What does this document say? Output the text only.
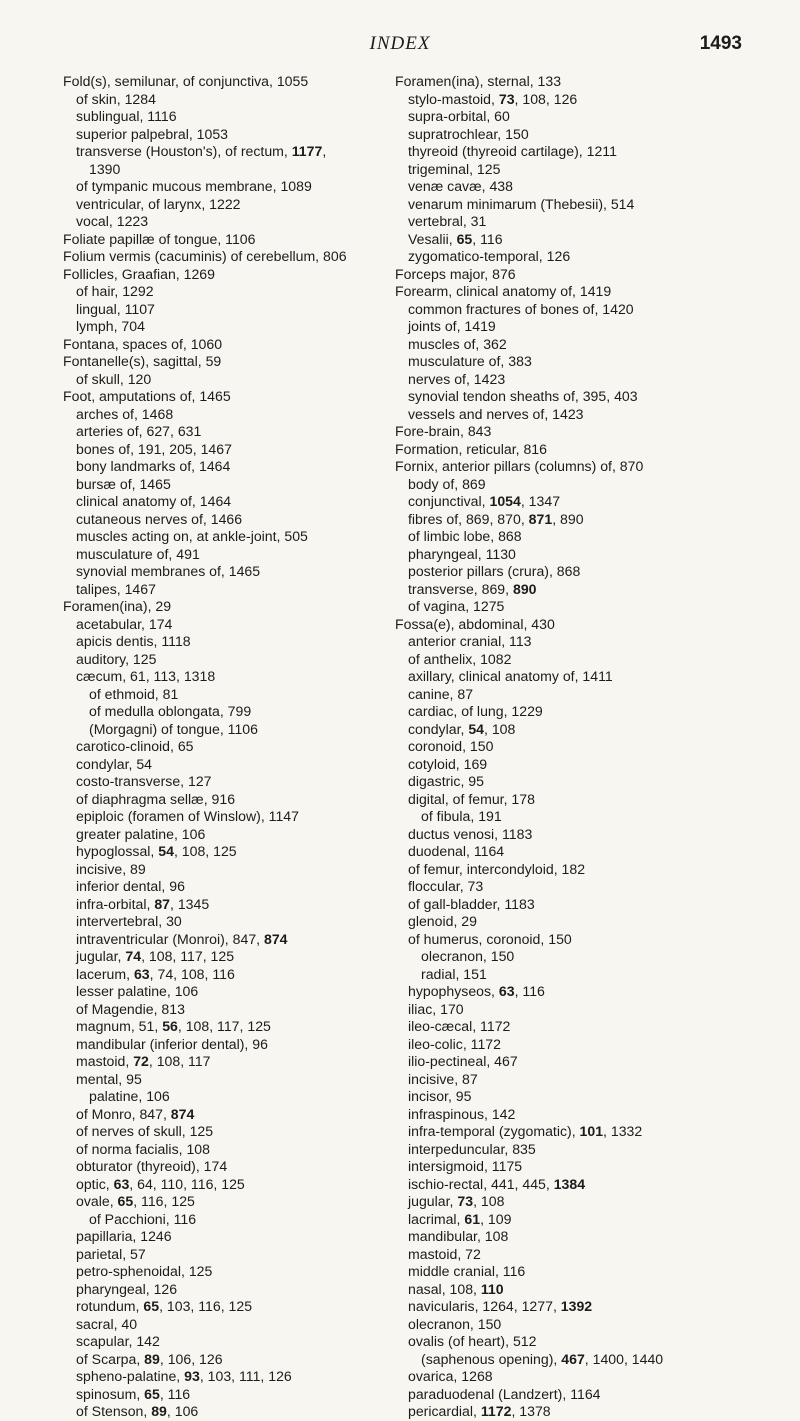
INDEX	1493
Fold(s), semilunar, of conjunctiva, 1055
of skin, 1284
sublingual, 1116
superior palpebral, 1053
transverse (Houston's), of rectum, 1177,
1390
of tympanic mucous membrane, 1089
ventricular, of larynx, 1222
vocal, 1223
Foliate papillæ of tongue, 1106
Folium vermis (cacuminis) of cerebellum, 806
Follicles, Graafian, 1269
of hair, 1292
lingual, 1107
lymph, 704
Fontana, spaces of, 1060
Fontanelle(s), sagittal, 59
of skull, 120
Foot, amputations of, 1465
arches of, 1468
arteries of, 627, 631
bones of, 191, 205, 1467
bony landmarks of, 1464
bursæ of, 1465
clinical anatomy of, 1464
cutaneous nerves of, 1466
muscles acting on, at ankle-joint, 505
musculature of, 491
synovial membranes of, 1465
talipes, 1467
Foramen(ina), 29
acetabular, 174
apicis dentis, 1118
auditory, 125
cæcum, 61, 113, 1318
of ethmoid, 81
of medulla oblongata, 799
(Morgagni) of tongue, 1106
carotico-clinoid, 65
condylar, 54
costo-transverse, 127
of diaphragma sellæ, 916
epiploic (foramen of Winslow), 1147
greater palatine, 106
hypoglossal, 54, 108, 125
incisive, 89
inferior dental, 96
infra-orbital, 87, 1345
intervertebral, 30
intraventricular (Monroi), 847, 874
jugular, 74, 108, 117, 125
lacerum, 63, 74, 108, 116
lesser palatine, 106
of Magendie, 813
magnum, 51, 56, 108, 117, 125
mandibular (inferior dental), 96
mastoid, 72, 108, 117
mental, 95
palatine, 106
of Monro, 847, 874
of nerves of skull, 125
of norma facialis, 108
obturator (thyreoid), 174
optic, 63, 64, 110, 116, 125
ovale, 65, 116, 125
of Pacchioni, 116
papillaria, 1246
parietal, 57
petro-sphenoidal, 125
pharyngeal, 126
rotundum, 65, 103, 116, 125
sacral, 40
scapular, 142
of Scarpa, 89, 106, 126
spheno-palatine, 93, 103, 111, 126
spinosum, 65, 116
of Stenson, 89, 106
Foramen(ina), sternal, 133
stylo-mastoid, 73, 108, 126
supra-orbital, 60
supratrochlear, 150
thyreoid (thyreoid cartilage), 1211
trigeminal, 125
venæ cavæ, 438
venarum minimarum (Thebesii), 514
vertebral, 31
Vesalii, 65, 116
zygomatico-temporal, 126
Forceps major, 876
Forearm, clinical anatomy of, 1419
common fractures of bones of, 1420
joints of, 1419
muscles of, 362
musculature of, 383
nerves of, 1423
synovial tendon sheaths of, 395, 403
vessels and nerves of, 1423
Fore-brain, 843
Formation, reticular, 816
Fornix, anterior pillars (columns) of, 870
body of, 869
conjunctival, 1054, 1347
fibres of, 869, 870, 871, 890
of limbic lobe, 868
pharyngeal, 1130
posterior pillars (crura), 868
transverse, 869, 890
of vagina, 1275
Fossa(e), abdominal, 430
anterior cranial, 113
of anthelix, 1082
axillary, clinical anatomy of, 1411
canine, 87
cardiac, of lung, 1229
condylar, 54, 108
coronoid, 150
cotyloid, 169
digastric, 95
digital, of femur, 178
of fibula, 191
ductus venosi, 1183
duodenal, 1164
of femur, intercondyloid, 182
floccular, 73
of gall-bladder, 1183
glenoid, 29
of humerus, coronoid, 150
olecranon, 150
radial, 151
hypophyseos, 63, 116
iliac, 170
ileo-cæcal, 1172
ileo-colic, 1172
ilio-pectineal, 467
incisive, 87
incisor, 95
infraspinous, 142
infra-temporal (zygomatic), 101, 1332
interpeduncular, 835
intersigmoid, 1175
ischio-rectal, 441, 445, 1384
jugular, 73, 108
lacrimal, 61, 109
mandibular, 108
mastoid, 72
middle cranial, 116
nasal, 108, 110
navicularis, 1264, 1277, 1392
olecranon, 150
ovalis (of heart), 512
(saphenous opening), 467, 1400, 1440
ovarica, 1268
paraduodenal (Landzert), 1164
pericardial, 1172, 1378
